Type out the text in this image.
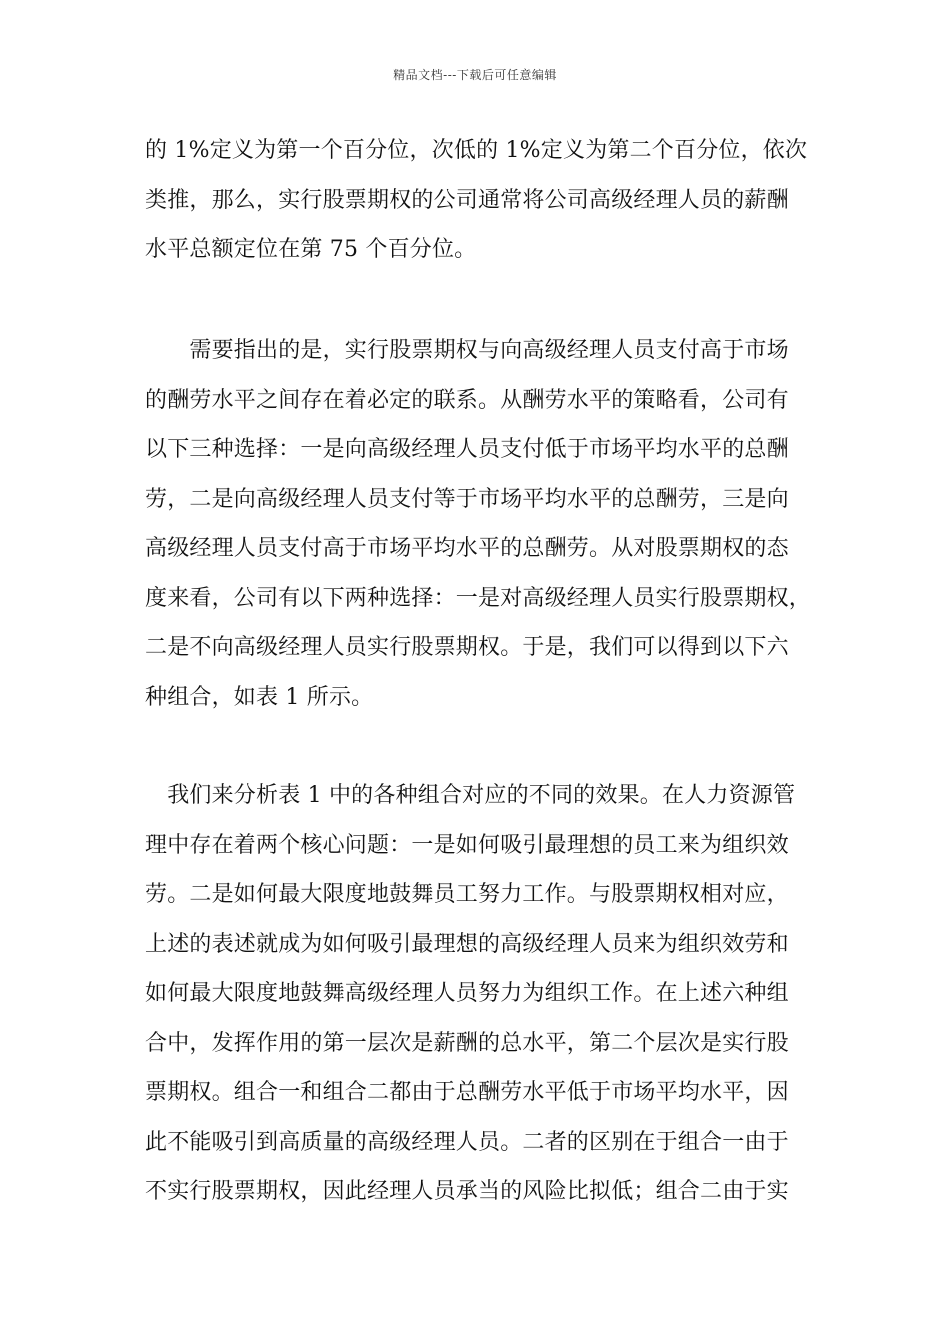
精品文档---下载后可任意编辑
的 1%定义为第一个百分位，次低的 1%定义为第二个百分位，依次
类推，那么，实行股票期权的公司通常将公司高级经理人员的薪酬
水平总额定位在第 75 个百分位。
　　需要指出的是，实行股票期权与向高级经理人员支付高于市场
的酬劳水平之间存在着必定的联系。从酬劳水平的策略看，公司有
以下三种选择：一是向高级经理人员支付低于市场平均水平的总酬
劳，二是向高级经理人员支付等于市场平均水平的总酬劳，三是向
高级经理人员支付高于市场平均水平的总酬劳。从对股票期权的态
度来看，公司有以下两种选择：一是对高级经理人员实行股票期权，
二是不向高级经理人员实行股票期权。于是，我们可以得到以下六
种组合，如表 1 所示。
　我们来分析表 1 中的各种组合对应的不同的效果。在人力资源管
理中存在着两个核心问题：一是如何吸引最理想的员工来为组织效
劳。二是如何最大限度地鼓舞员工努力工作。与股票期权相对应，
上述的表述就成为如何吸引最理想的高级经理人员来为组织效劳和
如何最大限度地鼓舞高级经理人员努力为组织工作。在上述六种组
合中，发挥作用的第一层次是薪酬的总水平，第二个层次是实行股
票期权。组合一和组合二都由于总酬劳水平低于市场平均水平，因
此不能吸引到高质量的高级经理人员。二者的区别在于组合一由于
不实行股票期权，因此经理人员承当的风险比拟低；组合二由于实
